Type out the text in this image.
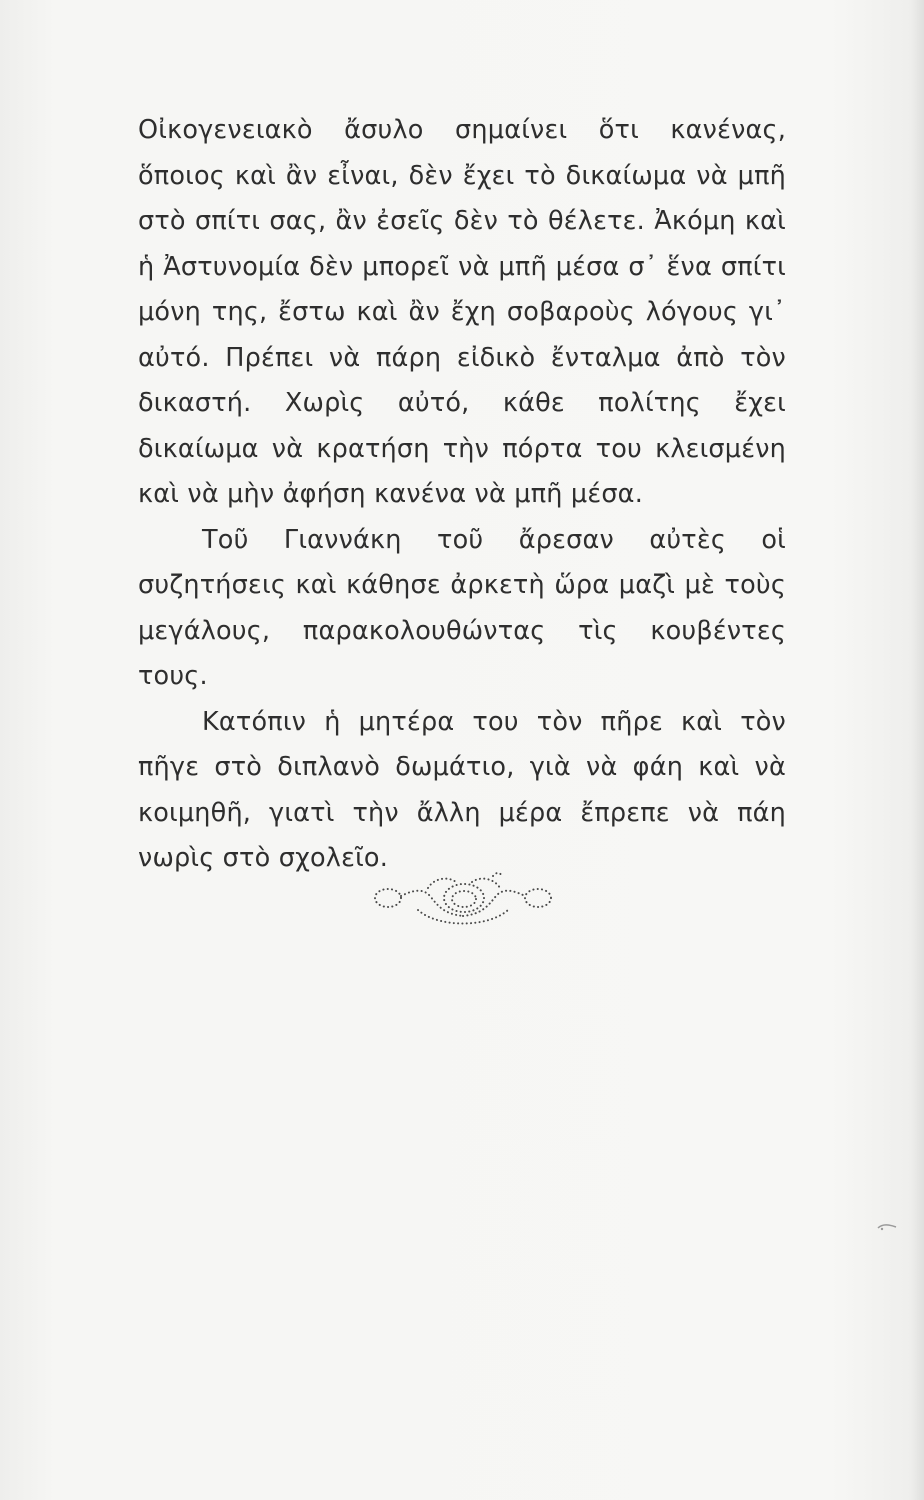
Οἰκογενειακὸ ἄσυλο σημαίνει ὅτι κανένας, ὅποιος καὶ ἂν εἶναι, δὲν ἔχει τὸ δικαίωμα νὰ μπῆ στὸ σπίτι σας, ἂν ἐσεῖς δὲν τὸ θέλετε. Ἀκόμη καὶ ἡ Ἀστυνομία δὲν μπορεῖ νὰ μπῆ μέσα σ᾿ ἕνα σπίτι μόνη της, ἔστω καὶ ἂν ἔχη σοβαροὺς λόγους γι᾿ αὐτό. Πρέπει νὰ πάρη εἰδικὸ ἔνταλμα ἀπὸ τὸν δικαστή. Χωρὶς αὐτό, κάθε πολίτης ἔχει δικαίωμα νὰ κρατήση τὴν πόρτα του κλεισμένη καὶ νὰ μὴν ἀφήση κανένα νὰ μπῆ μέσα.

Τοῦ Γιαννάκη τοῦ ἄρεσαν αὐτὲς οἱ συζητήσεις καὶ κάθησε ἀρκετὴ ὥρα μαζὶ μὲ τοὺς μεγάλους, παρακολουθώντας τὶς κουβέντες τους.

Κατόπιν ἡ μητέρα του τὸν πῆρε καὶ τὸν πῆγε στὸ διπλανὸ δωμάτιο, γιὰ νὰ φάη καὶ νὰ κοιμηθῆ, γιατὶ τὴν ἄλλη μέρα ἔπρεπε νὰ πάη νωρὶς στὸ σχολεῖο.
